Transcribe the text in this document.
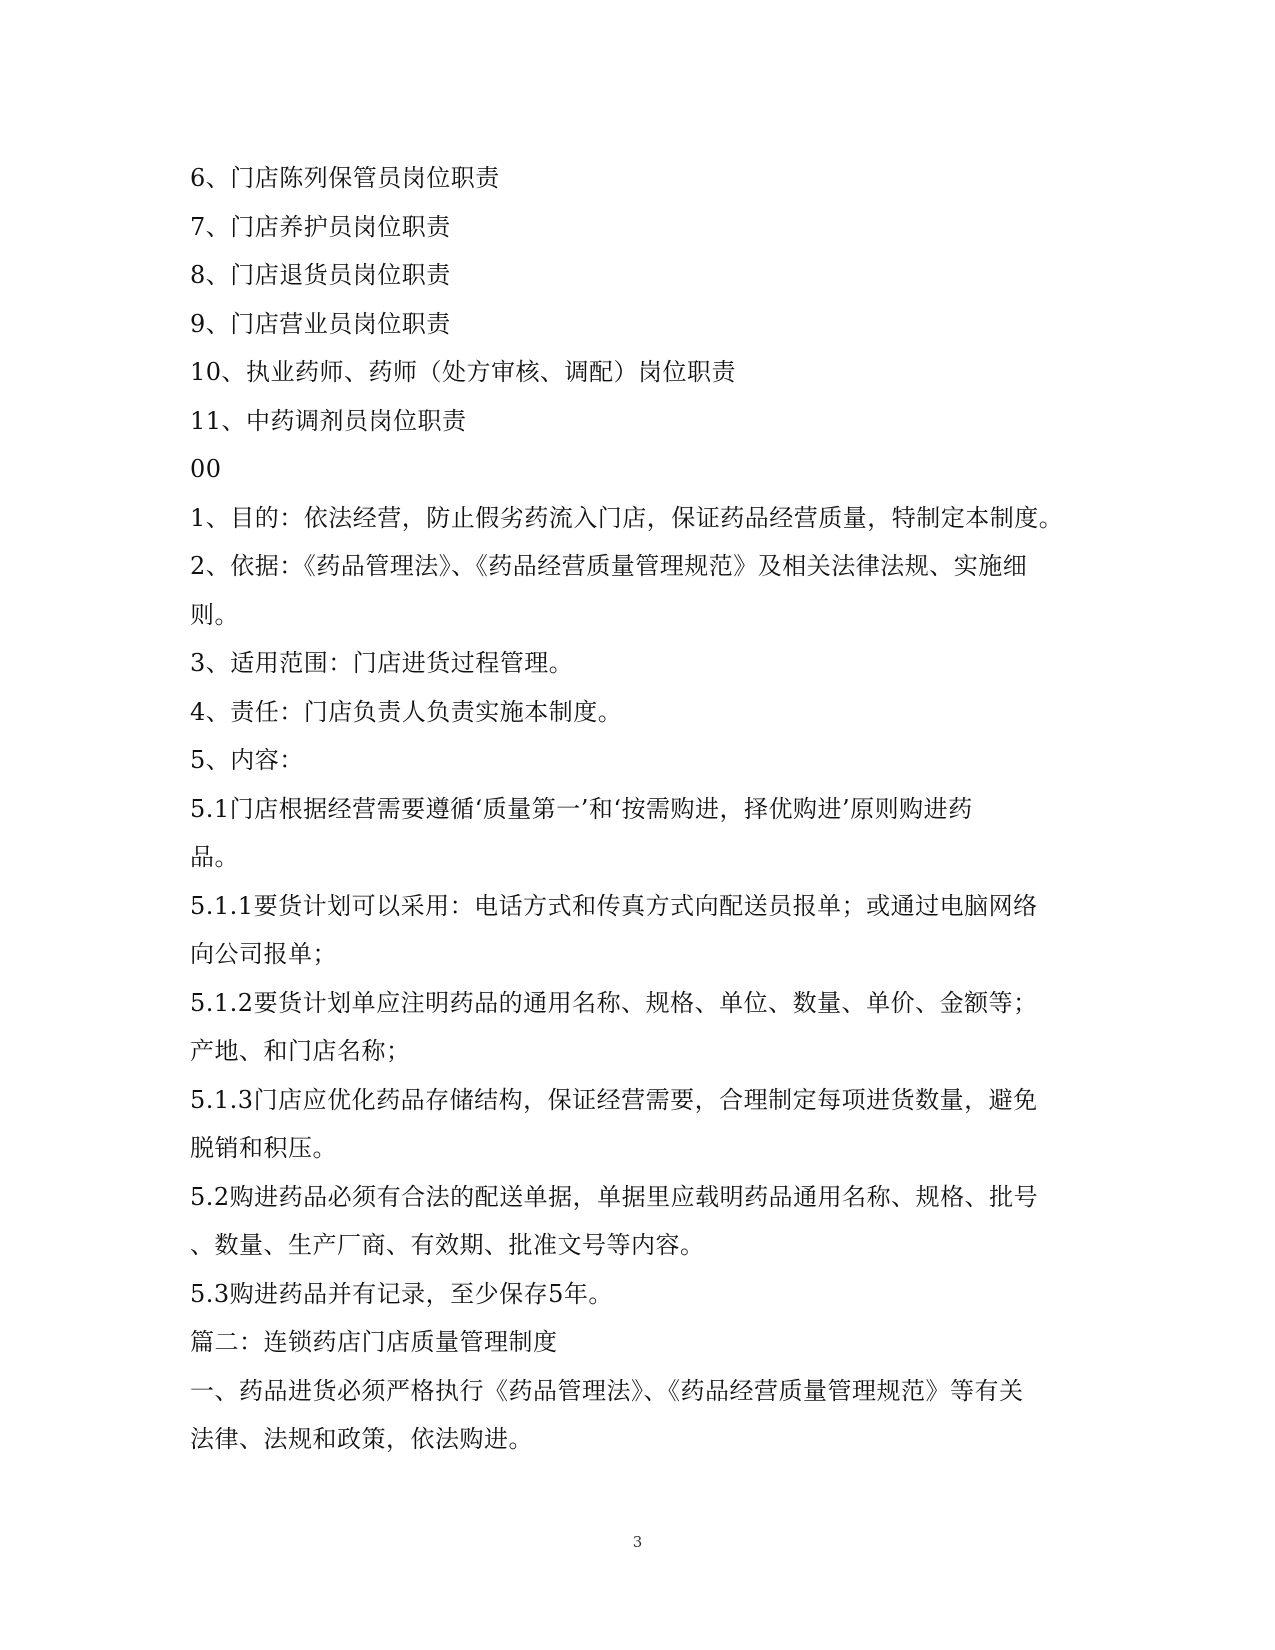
6、门店陈列保管员岗位职责
7、门店养护员岗位职责
8、门店退货员岗位职责
9、门店营业员岗位职责
10、执业药师、药师（处方审核、调配）岗位职责
11、中药调剂员岗位职责
00
1、目的：依法经营，防止假劣药流入门店，保证药品经营质量，特制定本制度。
2、依据：《药品管理法》、《药品经营质量管理规范》及相关法律法规、实施细
则。
3、适用范围：门店进货过程管理。
4、责任：门店负责人负责实施本制度。
5、内容：
5.1门店根据经营需要遵循‘质量第一’和‘按需购进，择优购进’原则购进药
品。
5.1.1要货计划可以采用：电话方式和传真方式向配送员报单；或通过电脑网络
向公司报单；
5.1.2要货计划单应注明药品的通用名称、规格、单位、数量、单价、金额等；
产地、和门店名称；
5.1.3门店应优化药品存储结构，保证经营需要，合理制定每项进货数量，避免
脱销和积压。
5.2购进药品必须有合法的配送单据，单据里应载明药品通用名称、规格、批号
、数量、生产厂商、有效期、批准文号等内容。
5.3购进药品并有记录，至少保存5年。
篇二：连锁药店门店质量管理制度
一、药品进货必须严格执行《药品管理法》、《药品经营质量管理规范》等有关
法律、法规和政策，依法购进。
3
